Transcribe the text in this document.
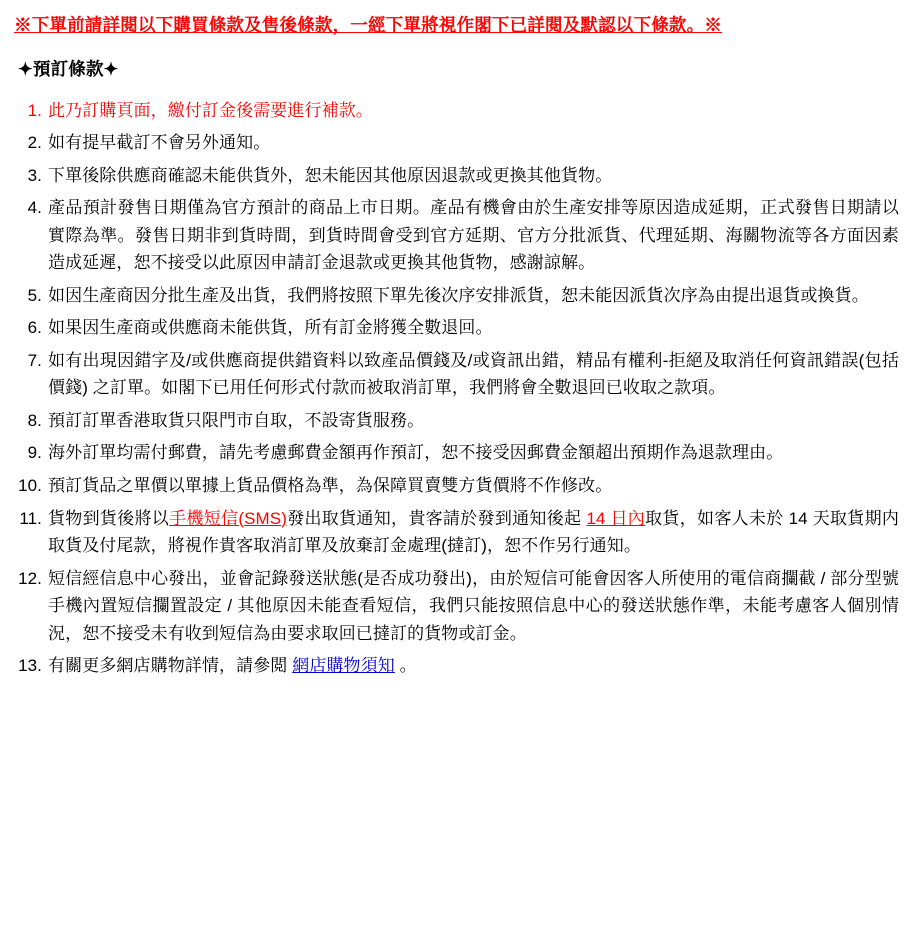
※下單前請詳閱以下購買條款及售後條款，一經下單將視作閣下已詳閱及默認以下條款。※
✦預訂條款✦
此乃訂購頁面，繳付訂金後需要進行補款。
如有提早截訂不會另外通知。
下單後除供應商確認未能供貨外，恕未能因其他原因退款或更換其他貨物。
產品預計發售日期僅為官方預計的商品上市日期。產品有機會由於生產安排等原因造成延期，正式發售日期請以實際為準。發售日期非到貨時間，到貨時間會受到官方延期、官方分批派貨、代理延期、海關物流等各方面因素造成延遲，恕不接受以此原因申請訂金退款或更換其他貨物，感謝諒解。
如因生產商因分批生產及出貨，我們將按照下單先後次序安排派貨，恕未能因派貨次序為由提出退貨或換貨。
如果因生產商或供應商未能供貨，所有訂金將獲全數退回。
如有出現因錯字及/或供應商提供錯資料以致產品價錢及/或資訊出錯，精品有權利-拒絕及取消任何資訊錯誤(包括價錢) 之訂單。如閣下已用任何形式付款而被取消訂單，我們將會全數退回已收取之款項。
預訂訂單香港取貨只限門市自取，不設寄貨服務。
海外訂單均需付郵費，請先考慮郵費金額再作預訂，恕不接受因郵費金額超出預期作為退款理由。
預訂貨品之單價以單據上貨品價格為準，為保障買賣雙方貨價將不作修改。
貨物到貨後將以手機短信(SMS)發出取貨通知，貴客請於發到通知後起 14 日內取貨，如客人未於 14 天取貨期内取貨及付尾款，將視作貴客取消訂單及放棄訂金處理(撻訂)，恕不作另行通知。
短信經信息中心發出，並會記錄發送狀態(是否成功發出)，由於短信可能會因客人所使用的電信商攔截 / 部分型號手機內置短信攔置設定 / 其他原因未能查看短信，我們只能按照信息中心的發送狀態作準，未能考慮客人個別情況，恕不接受未有收到短信為由要求取回已撻訂的貨物或訂金。
有關更多網店購物詳情，請參閲 網店購物須知 。
